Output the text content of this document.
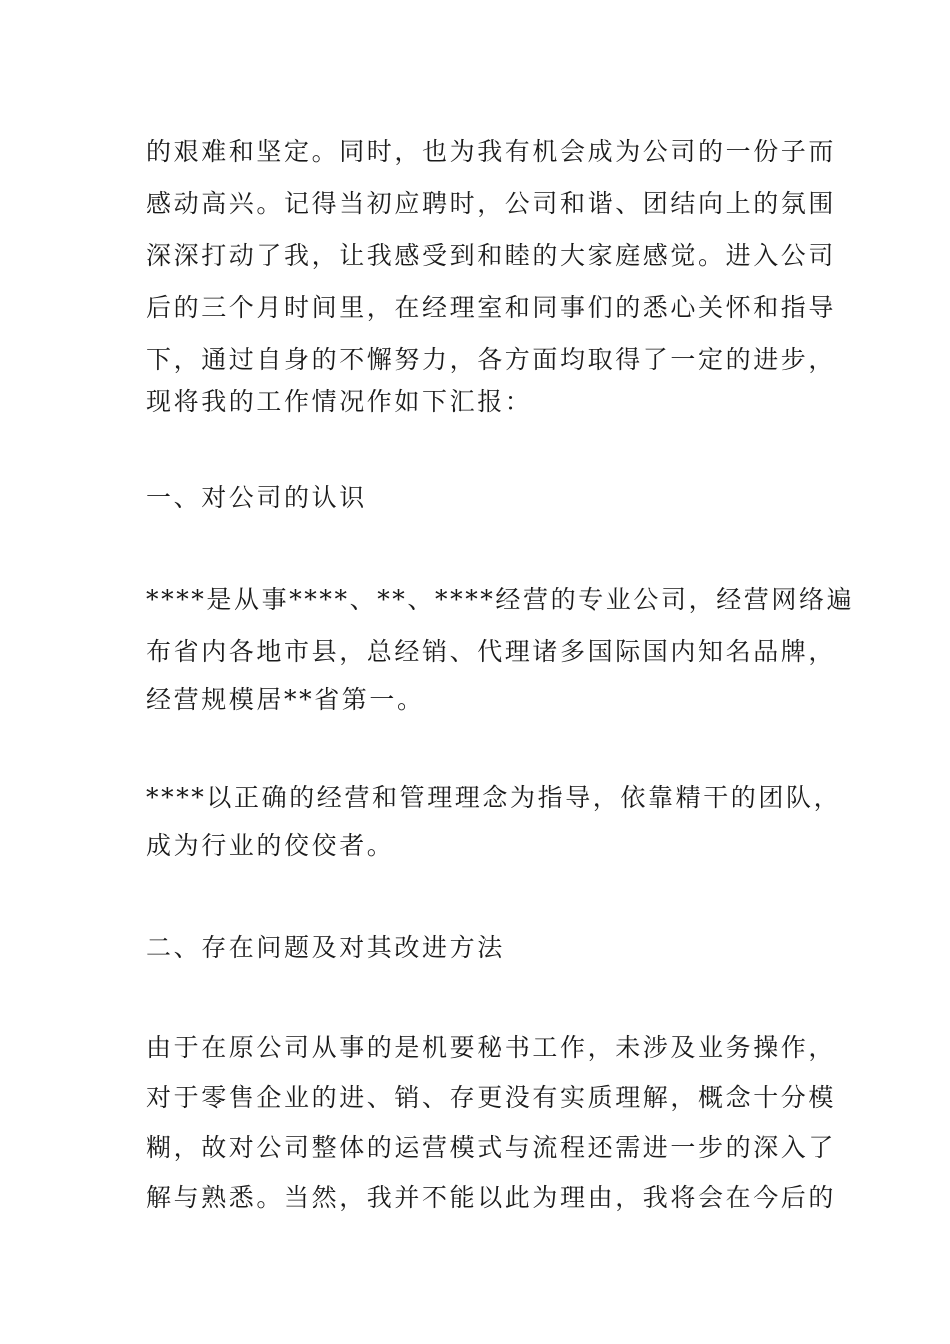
的艰难和坚定。同时，也为我有机会成为公司的一份子而
感动高兴。记得当初应聘时，公司和谐、团结向上的氛围
深深打动了我，让我感受到和睦的大家庭感觉。进入公司
后的三个月时间里，在经理室和同事们的悉心关怀和指导
下，通过自身的不懈努力，各方面均取得了一定的进步，
现将我的工作情况作如下汇报：
一、对公司的认识
****是从事****、**、****经营的专业公司，经营网络遍
布省内各地市县，总经销、代理诸多国际国内知名品牌，
经营规模居**省第一。
****以正确的经营和管理理念为指导，依靠精干的团队，
成为行业的佼佼者。
二、存在问题及对其改进方法
由于在原公司从事的是机要秘书工作，未涉及业务操作，
对于零售企业的进、销、存更没有实质理解，概念十分模
糊，故对公司整体的运营模式与流程还需进一步的深入了
解与熟悉。当然，我并不能以此为理由，我将会在今后的
